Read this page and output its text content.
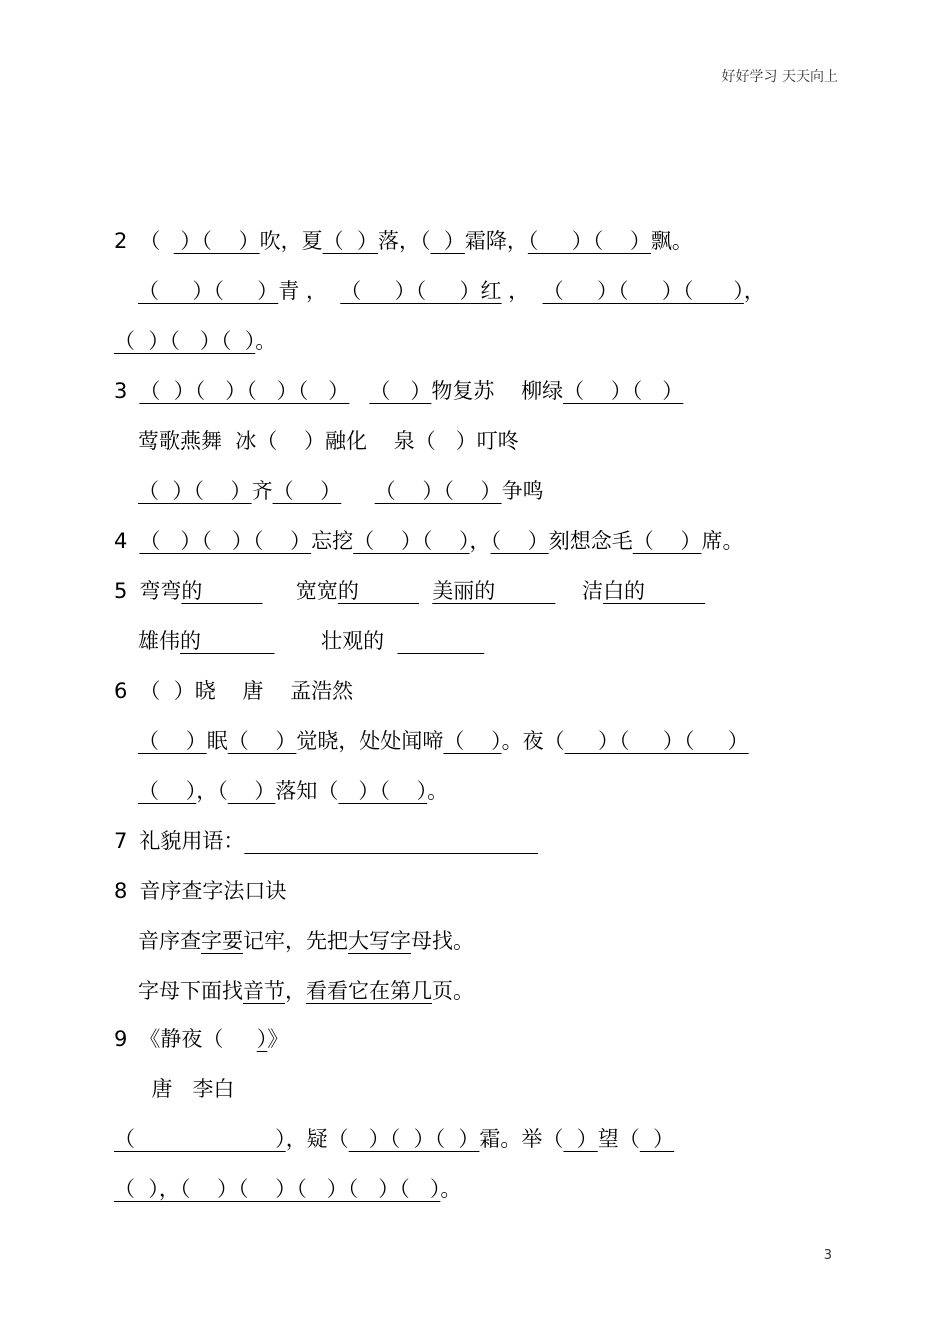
好好学习 天天向上
2 （   ）（    ）吹，夏（  ）落，（  ）霜降，（     ）（    ）飘。
（     ）（     ）青 ，  （     ）（     ）红 ，  （     ）（     ）（      ），
（  ）（   ）（  ）。
3 （  ）（   ）（   ）（   ） （   ）物复苏    柳绿（    ）（   ）
莺歌燕舞  冰（    ）融化    泉（   ）叮咚
（  ）（    ）齐（    ） （    ）（    ）争鸣
4 （   ）（   ）（    ）忘挖（    ）（    ），（    ）刻想念毛（    ）席。
5 弯弯的              宽宽的           美丽的             洁白的
雄伟的                  壮观的
6 （  ）晓    唐    孟浩然
（    ）眠（    ）觉晓，处处闻啼（    ）。夜（     ）（     ）（     ）
（    ），（    ）落知（   ）（    ）。
7 礼貌用语：
8 音序查字法口诀
音序查字要记牢，先把大写字母找。
字母下面找音节，看看它在第几页。
9 《静夜（     ）》
唐   李白
（                     ），疑（   ）（  ）（  ）霜。举（  ）望（  ）
（  ），（    ）（    ）（   ）（   ）（   ）。
3
